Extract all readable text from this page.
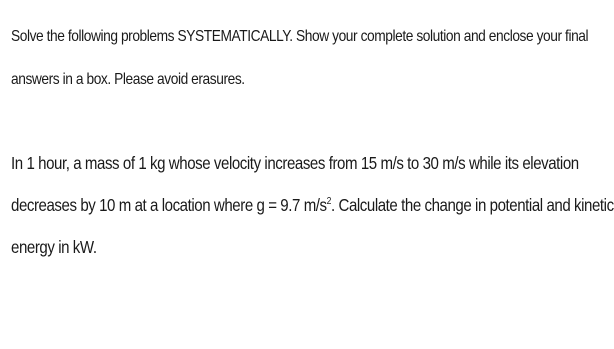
Solve the following problems SYSTEMATICALLY. Show your complete solution and enclose your final
answers in a box. Please avoid erasures.
In 1 hour, a mass of 1 kg whose velocity increases from 15 m/s to 30 m/s while its elevation
decreases by 10 m at a location where g = 9.7 $m/s^2$. Calculate the change in potential and kinetic
energy in kW.
